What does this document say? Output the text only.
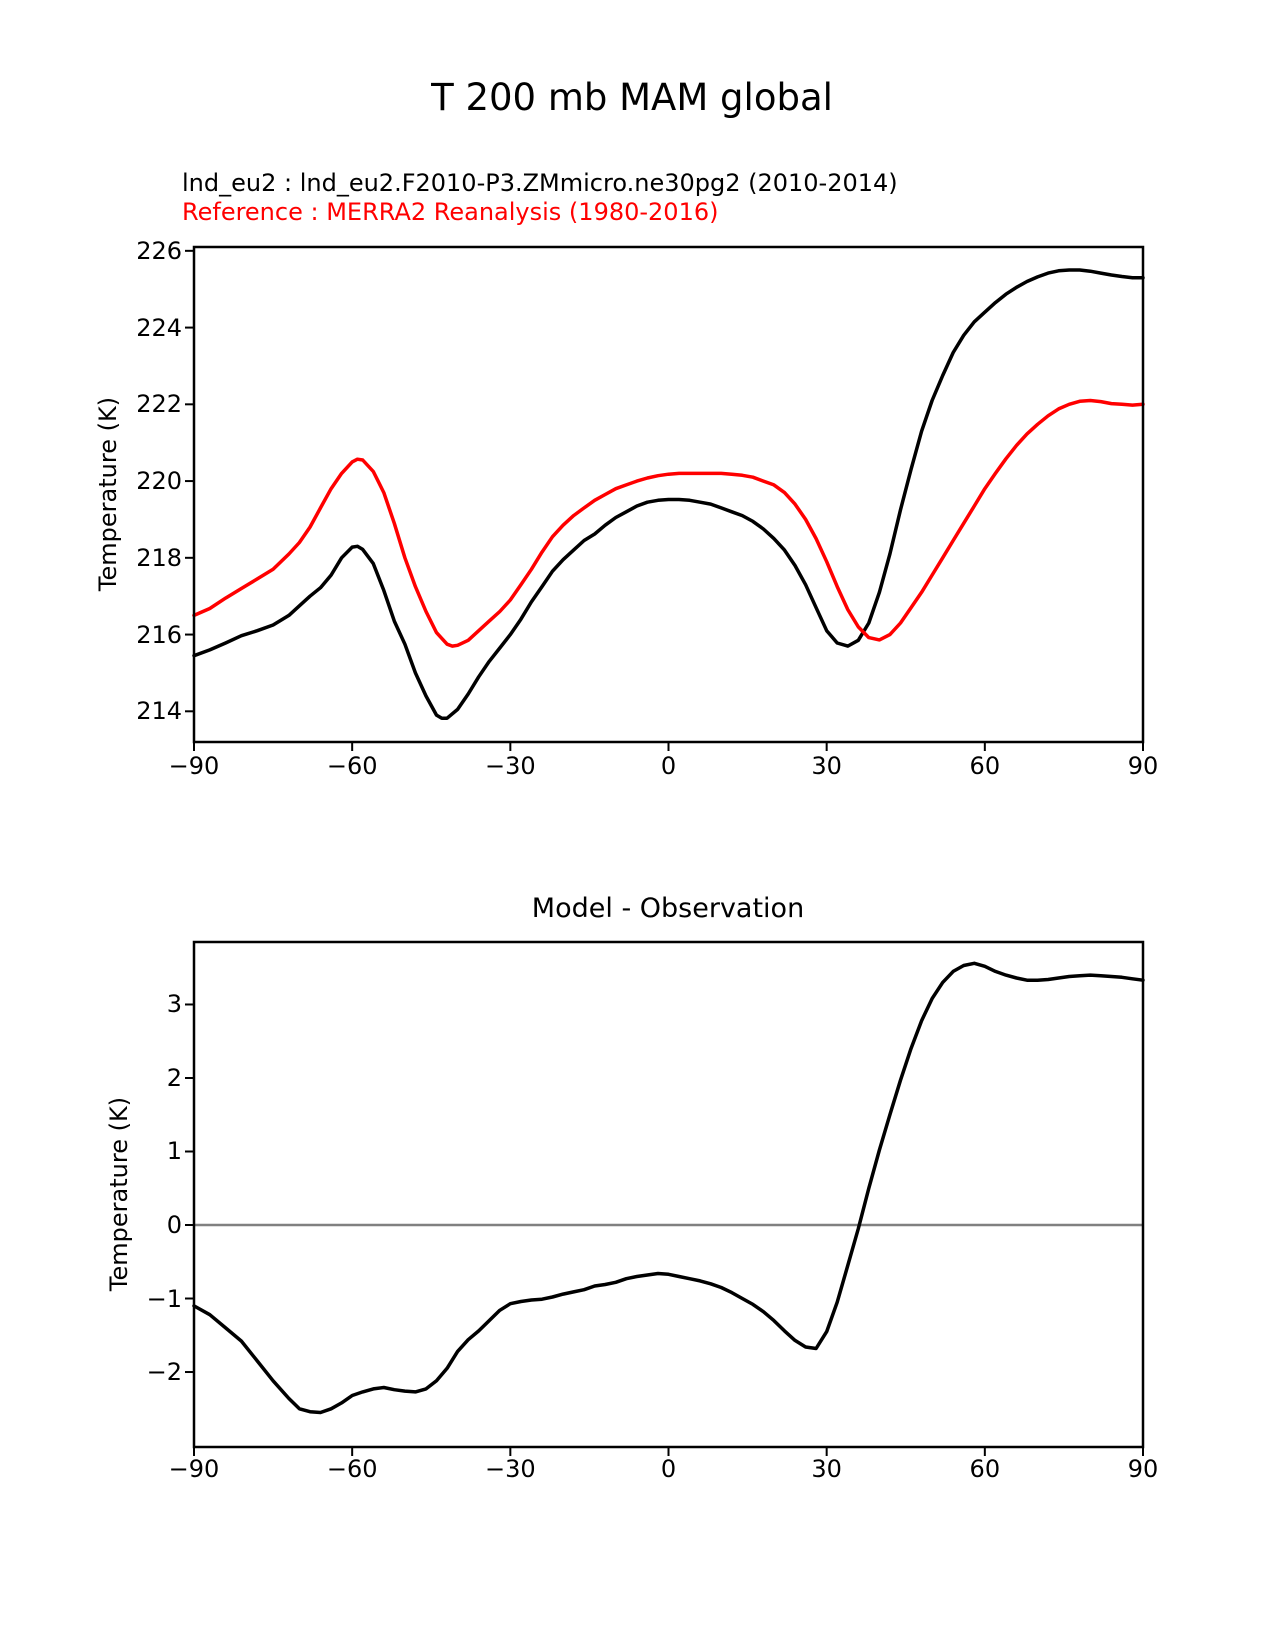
T 200 mb MAM global
lnd_eu2 : lnd_eu2.F2010-P3.ZMmicro.ne30pg2 (2010-2014)
Reference : MERRA2 Reanalysis (1980-2016)
Temperature (K)
Model - Observation
Temperature (K)
−90	−60	−30	0	30	60	90
214
216
218
220
222
224
226
−90	−60	−30	0	30	60	90
−2
−1
0
1
2
3
